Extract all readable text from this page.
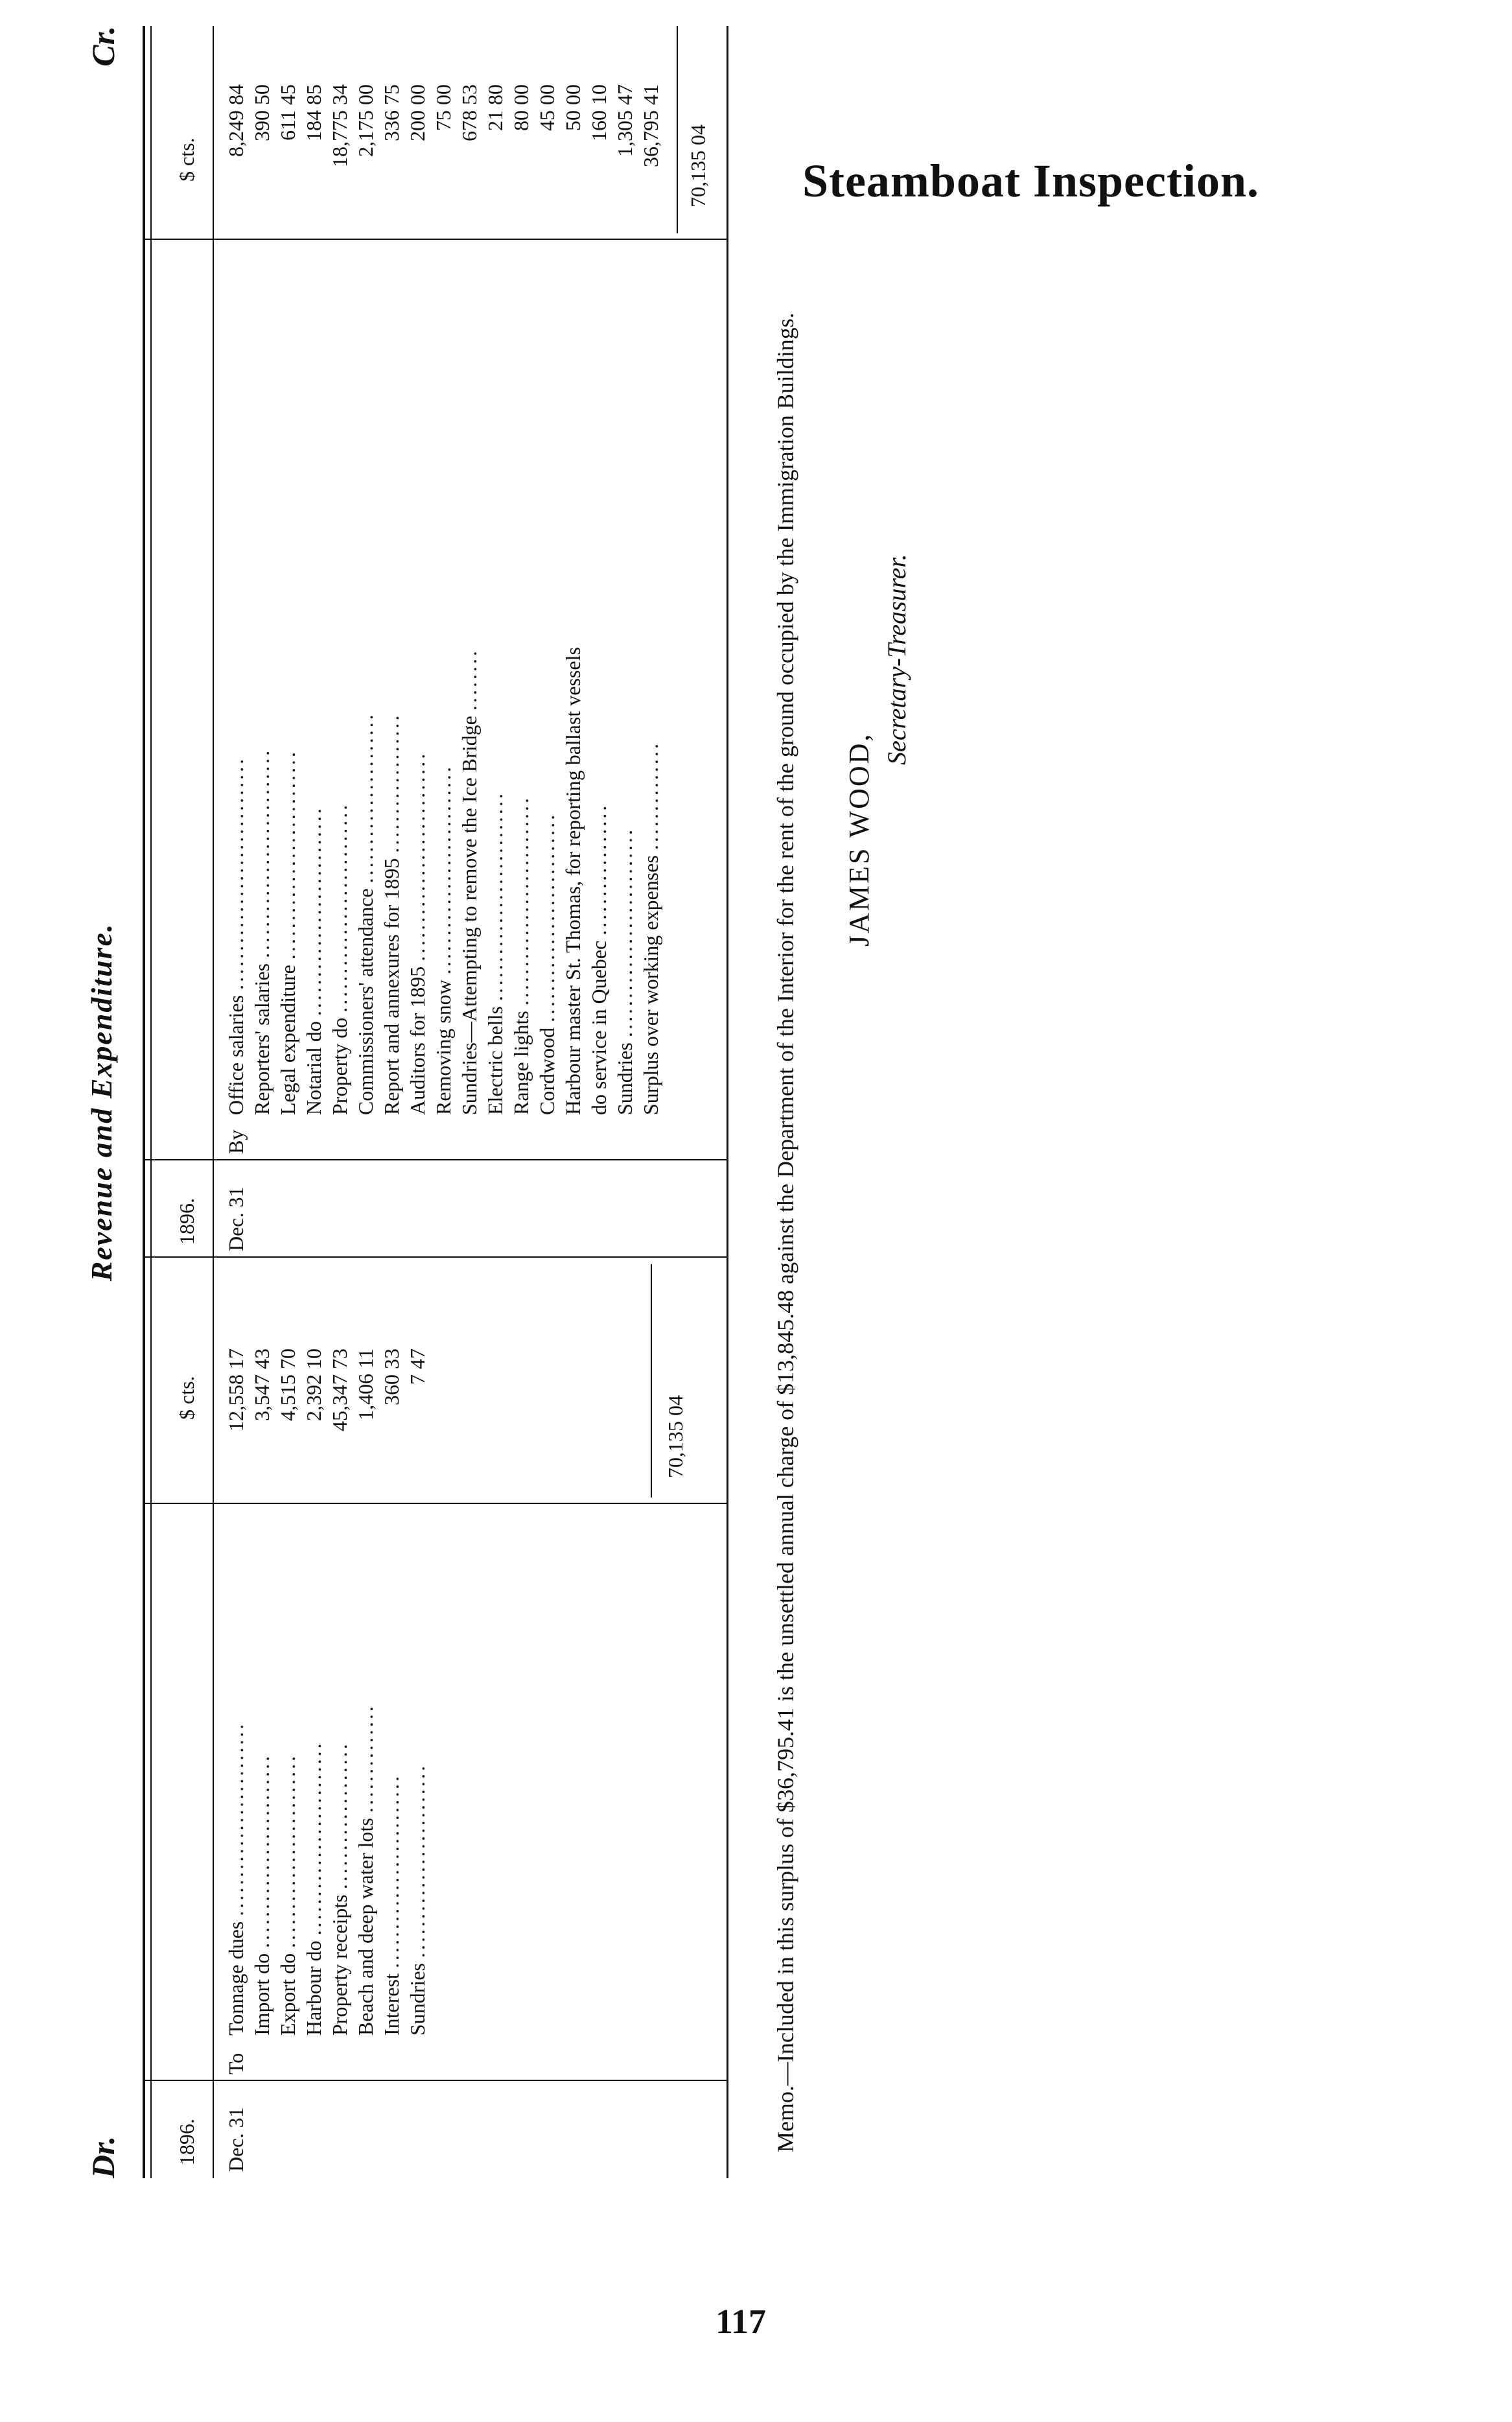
Steamboat Inspection.
117
Dr.
Revenue and Expenditure.
Cr.
1896.
$ cts.
Dec. 31
To
Tonnage dues .........................
Import do .........................
Export do .........................
Harbour do .........................
Property receipts ...................
Beach and deep water lots ..............
Interest .........................
Sundries .........................
12,558 17 3,547 43 4,515 70 2,392 10 45,347 73 1,406 11 360 33 7 47
70,135 04
1896.
$ cts.
Dec. 31
By
Office salaries ..............................
Reporters' salaries ...........................
Legal expenditure ...........................
Notarial do ...........................
Property do ........................... Commissioners' attendance ......................
Report and annexures for 1895 ..................
Auditors for 1895 ...........................
Removing snow ........................... Sundries—Attempting to remove the Ice Bridge ........
Electric bells ...........................
Range lights ...........................
Cordwood ........................... Harbour master St. Thomas, for reporting ballast vessels do service in Quebec .................
Sundries ........................... Surplus over working expenses ..............
8,249 84 390 50 611 45 184 85 18,775 34 2,175 00 336 75 200 00 75 00 678 53 21 80 80 00 45 00 50 00 160 10 1,305 47 36,795 41 70,135 04
Memo.—Included in this surplus of $36,795.41 is the unsettled annual charge of $13,845.48 against the Department of the Interior for the rent of the ground occupied by the Immigration Buildings. JAMES WOOD,
Secretary-Treasurer.
